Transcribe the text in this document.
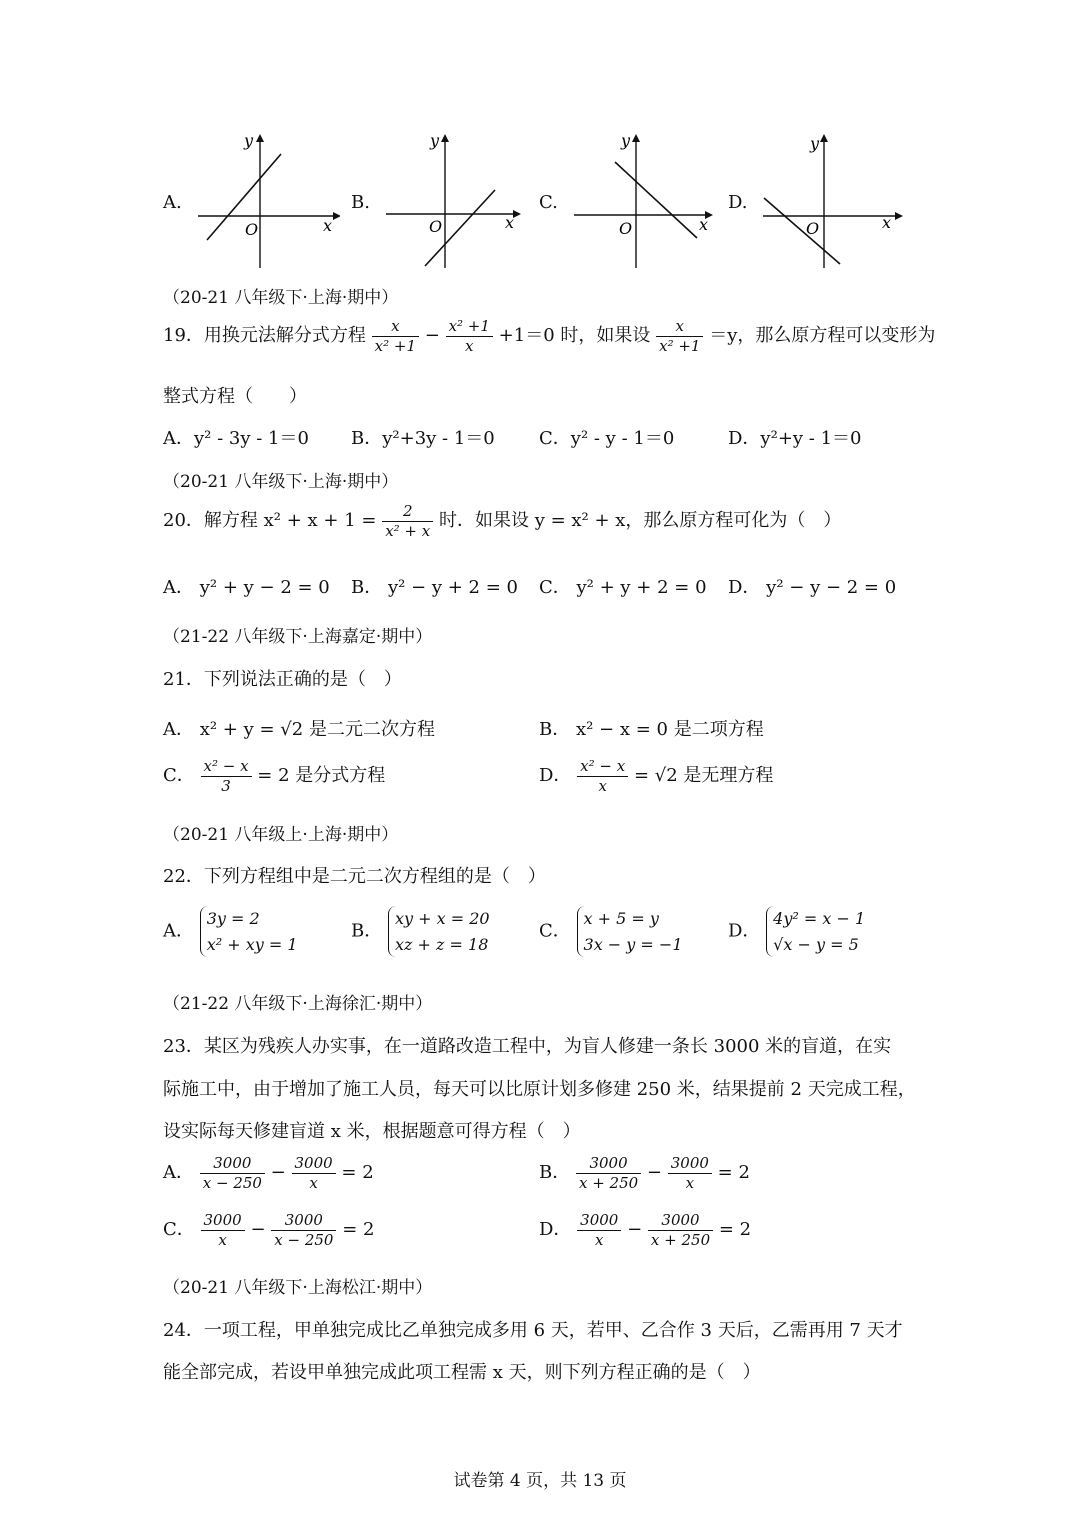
A.
O	x
y
B.
O	x
y
C.
O	x
y
D.
O	x
y
（20-21 八年级下·上海·期中）
19．用换元法解分式方程 $\frac{x}{\text{x² +1}} - \frac{\text{x² +1}}{x} +1=0$ 时，如果设 $\frac{x}{\text{x² +1}} =y$，那么原方程可以变形为
整式方程（　　）
A．y² - 3y - 1＝0 B．y²+3y - 1＝0 C．y² - y - 1＝0	D．y²+y - 1＝0
（20-21 八年级下·上海·期中）
20．解方程 $x^2 + x + 1 = \frac{2}{\text{x² + x}}$ 时．如果设 y = x² + x，那么原方程可化为（　）
A． y² + y − 2 = 0 B． y² − y + 2 = 0 C． y² + y + 2 = 0 D． y² − y − 2 = 0
（21-22 八年级下·上海嘉定·期中）
21．下列说法正确的是（　）
A． x² + y = √2 是二元二次方程	B． x² − x = 0 是二项方程
C． $\frac{\text{x² − x}}{3} = 2$ 是分式方程	D． $\frac{\text{x² − x}}{x} = √2$ 是无理方程
（20-21 八年级上·上海·期中）
22．下列方程组中是二元二次方程组的是（　）
A．
3y = 2
x² + xy = 1
B．
xy + x = 20
xz + z = 18
C．
x + 5 = y
3x − y = −1
D．
4y² = x − 1
√x − y = 5
（21-22 八年级下·上海徐汇·期中）
23．某区为残疾人办实事，在一道路改造工程中，为盲人修建一条长 3000 米的盲道，在实
际施工中，由于增加了施工人员，每天可以比原计划多修建 250 米，结果提前 2 天完成工程，
设实际每天修建盲道 x 米，根据题意可得方程（　）
A． $\frac{3000}{x - 250} - \frac{3000}{x} = 2$	B． $\frac{3000}{x + 250} - \frac{3000}{x} = 2$
C． $\frac{3000}{x} - \frac{3000}{x - 250} = 2$	D． $\frac{3000}{x} - \frac{3000}{x + 250} = 2$
（20-21 八年级下·上海松江·期中）
24．一项工程，甲单独完成比乙单独完成多用 6 天，若甲、乙合作 3 天后，乙需再用 7 天才
能全部完成，若设甲单独完成此项工程需 x 天，则下列方程正确的是（　）
试卷第 4 页，共 13 页
